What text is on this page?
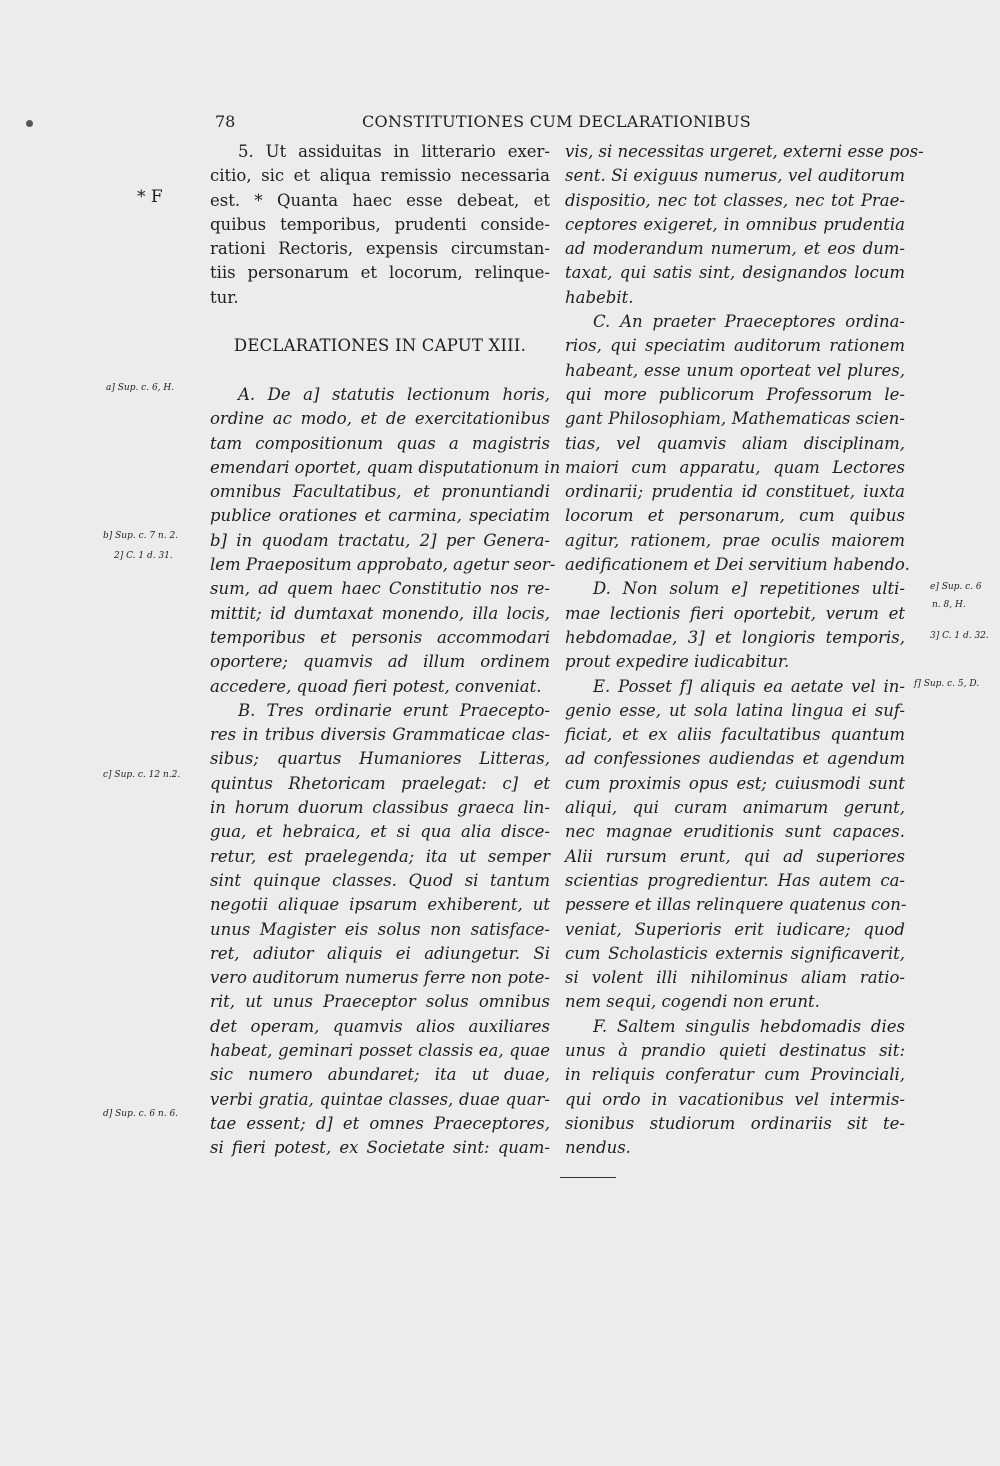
78	CONSTITUTIONES CUM DECLARATIONIBUS
* F
a] Sup. c. 6, H.
b] Sup. c. 7 n. 2.
2] C. 1 d. 31.
c] Sup. c. 12 n.2.
d] Sup. c. 6 n. 6.
e] Sup. c. 6
n. 8, H.
3] C. 1 d. 32.
f] Sup. c. 5, D.
5. Ut assiduitas in litterario exer-
citio, sic et aliqua remissio necessaria
est. * Quanta haec esse debeat, et
quibus temporibus, prudenti conside-
rationi Rectoris, expensis circumstan-
tiis personarum et locorum, relinque-
tur.
DECLARATIONES IN CAPUT XIII.
A. De a] statutis lectionum horis,
ordine ac modo, et de exercitationibus
tam compositionum quas a magistris
emendari oportet, quam disputationum in
omnibus Facultatibus, et pronuntiandi
publice orationes et carmina, speciatim
b] in quodam tractatu, 2] per Genera-
lem Praepositum approbato, agetur seor-
sum, ad quem haec Constitutio nos re-
mittit; id dumtaxat monendo, illa locis,
temporibus et personis accommodari
oportere; quamvis ad illum ordinem
accedere, quoad fieri potest, conveniat.
B. Tres ordinarie erunt Praecepto-
res in tribus diversis Grammaticae clas-
sibus; quartus Humaniores Litteras,
quintus Rhetoricam praelegat: c] et
in horum duorum classibus graeca lin-
gua, et hebraica, et si qua alia disce-
retur, est praelegenda; ita ut semper
sint quinque classes. Quod si tantum
negotii aliquae ipsarum exhiberent, ut
unus Magister eis solus non satisface-
ret, adiutor aliquis ei adiungetur. Si
vero auditorum numerus ferre non pote-
rit, ut unus Praeceptor solus omnibus
det operam, quamvis alios auxiliares
habeat, geminari posset classis ea, quae
sic numero abundaret; ita ut duae,
verbi gratia, quintae classes, duae quar-
tae essent; d] et omnes Praeceptores,
si fieri potest, ex Societate sint: quam-
vis, si necessitas urgeret, externi esse pos-
sent. Si exiguus numerus, vel auditorum
dispositio, nec tot classes, nec tot Prae-
ceptores exigeret, in omnibus prudentia
ad moderandum numerum, et eos dum-
taxat, qui satis sint, designandos locum
habebit.
C. An praeter Praeceptores ordina-
rios, qui speciatim auditorum rationem
habeant, esse unum oporteat vel plures,
qui more publicorum Professorum le-
gant Philosophiam, Mathematicas scien-
tias, vel quamvis aliam disciplinam,
maiori cum apparatu, quam Lectores
ordinarii; prudentia id constituet, iuxta
locorum et personarum, cum quibus
agitur, rationem, prae oculis maiorem
aedificationem et Dei servitium habendo.
D. Non solum e] repetitiones ulti-
mae lectionis fieri oportebit, verum et
hebdomadae, 3] et longioris temporis,
prout expedire iudicabitur.
E. Posset f] aliquis ea aetate vel in-
genio esse, ut sola latina lingua ei suf-
ficiat, et ex aliis facultatibus quantum
ad confessiones audiendas et agendum
cum proximis opus est; cuiusmodi sunt
aliqui, qui curam animarum gerunt,
nec magnae eruditionis sunt capaces.
Alii rursum erunt, qui ad superiores
scientias progredientur. Has autem ca-
pessere et illas relinquere quatenus con-
veniat, Superioris erit iudicare; quod
cum Scholasticis externis significaverit,
si volent illi nihilominus aliam ratio-
nem sequi, cogendi non erunt.
F. Saltem singulis hebdomadis dies
unus à prandio quieti destinatus sit:
in reliquis conferatur cum Provinciali,
qui ordo in vacationibus vel intermis-
sionibus studiorum ordinariis sit te-
nendus.
